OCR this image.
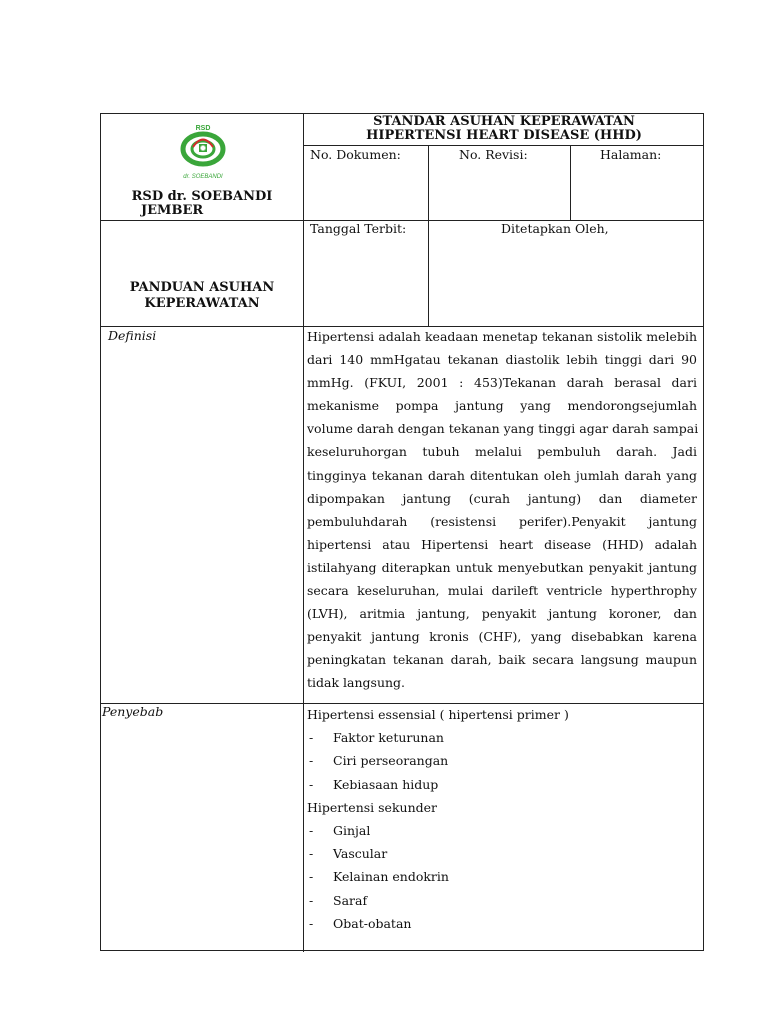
RSD
dr. SOEBANDI
RSD dr. SOEBANDI
JEMBER
STANDAR ASUHAN KEPERAWATAN
HIPERTENSI HEART DISEASE (HHD)
No. Dokumen:	No. Revisi:	Halaman:
Tanggal Terbit:	Ditetapkan Oleh,
PANDUAN ASUHAN
KEPERAWATAN
Definisi	Hipertensi adalah keadaan menetap tekanan sistolik melebih
dari 140 mmHgatau tekanan diastolik lebih tinggi dari 90
mmHg. (FKUI, 2001 : 453)Tekanan darah berasal dari
mekanisme pompa jantung yang mendorongsejumlah
volume darah dengan tekanan yang tinggi agar darah sampai
keseluruhorgan tubuh melalui pembuluh darah. Jadi
tingginya tekanan darah ditentukan oleh jumlah darah yang
dipompakan jantung (curah jantung) dan diameter
pembuluhdarah (resistensi perifer).Penyakit jantung
hipertensi atau Hipertensi heart disease (HHD) adalah
istilahyang diterapkan untuk menyebutkan penyakit jantung
secara keseluruhan, mulai darileft ventricle hyperthrophy
(LVH), aritmia jantung, penyakit jantung koroner, dan
penyakit jantung kronis (CHF), yang disebabkan karena
peningkatan tekanan darah, baik secara langsung maupun
tidak langsung.
Penyebab	Hipertensi essensial ( hipertensi primer )
- Faktor keturunan
- Ciri perseorangan
- Kebiasaan hidup
Hipertensi sekunder
- Ginjal
- Vascular
- Kelainan endokrin
- Saraf
- Obat-obatan
